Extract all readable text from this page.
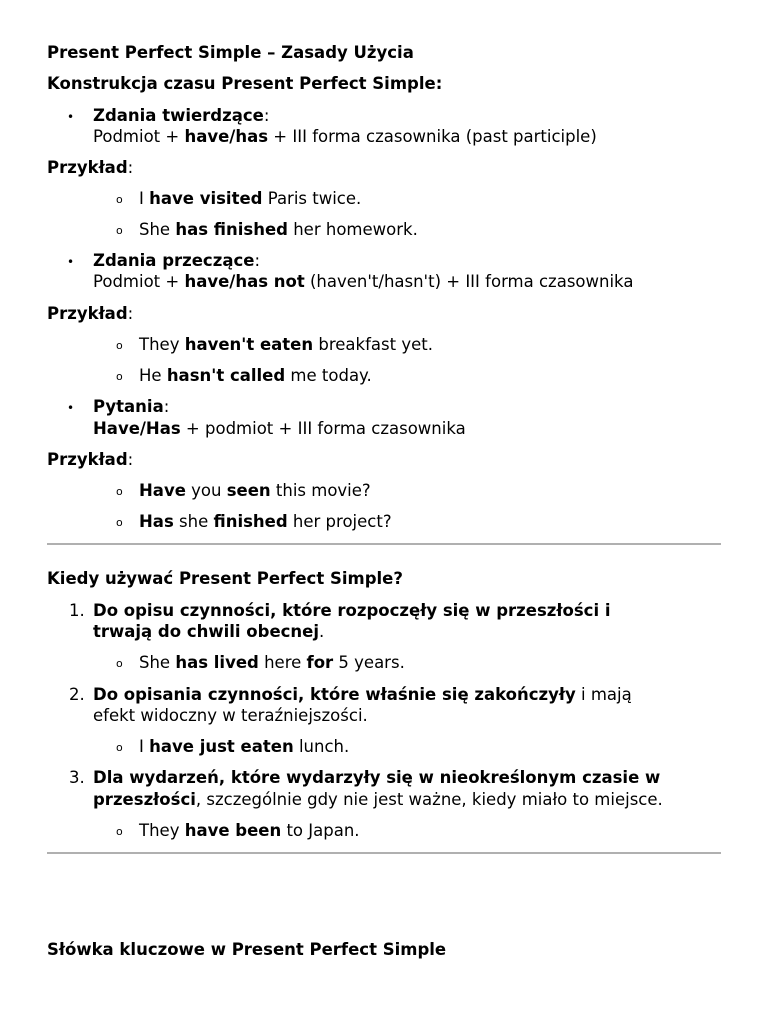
Present Perfect Simple – Zasady Użycia
Konstrukcja czasu Present Perfect Simple:
• Zdania twierdzące:
Podmiot + have/has + III forma czasownika (past participle)
Przykład:
o I have visited Paris twice.
o She has finished her homework.
• Zdania przeczące:
Podmiot + have/has not (haven't/hasn't) + III forma czasownika
Przykład:
o They haven't eaten breakfast yet.
o He hasn't called me today.
• Pytania:
Have/Has + podmiot + III forma czasownika
Przykład:
o Have you seen this movie?
o Has she finished her project?
Kiedy używać Present Perfect Simple?
1. Do opisu czynności, które rozpoczęły się w przeszłości i
trwają do chwili obecnej.
o She has lived here for 5 years.
2. Do opisania czynności, które właśnie się zakończyły i mają
efekt widoczny w teraźniejszości.
o I have just eaten lunch.
3. Dla wydarzeń, które wydarzyły się w nieokreślonym czasie w
przeszłości, szczególnie gdy nie jest ważne, kiedy miało to miejsce.
o They have been to Japan.
Słówka kluczowe w Present Perfect Simple
